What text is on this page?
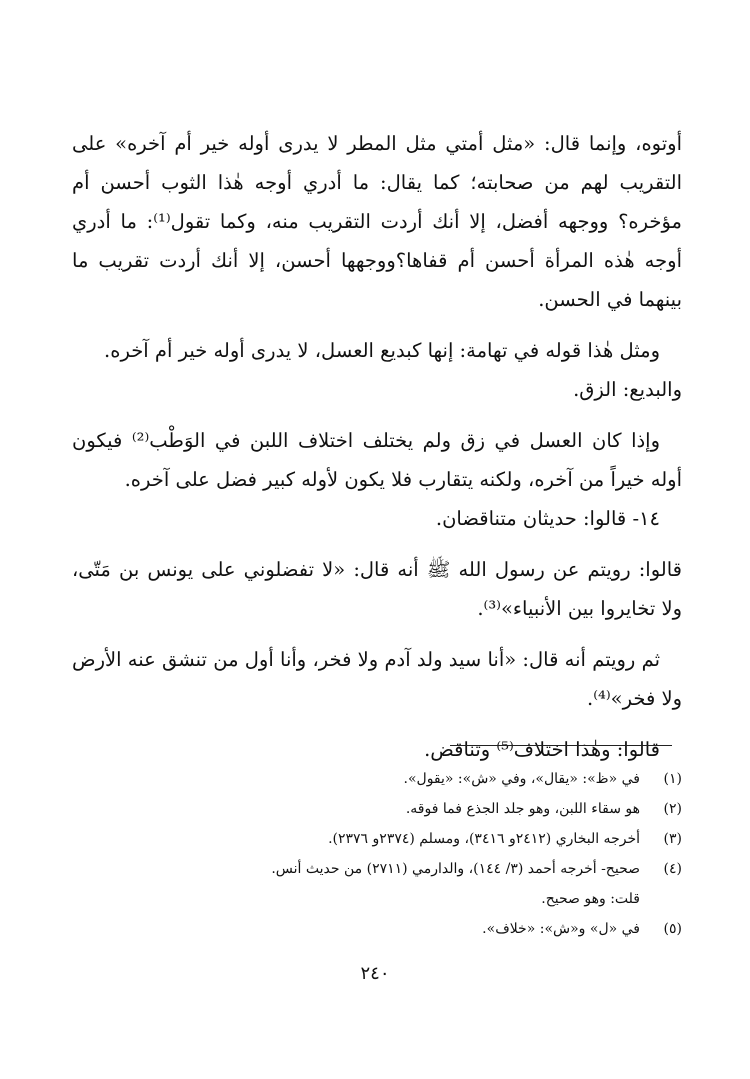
أوتوه، وإنما قال: «مثل أمتي مثل المطر لا يدرى أوله خير أم آخره» على التقريب لهم من صحابته؛ كما يقال: ما أدري أوجه هٰذا الثوب أحسن أم مؤخره؟ ووجهه أفضل، إلا أنك أردت التقريب منه، وكما تقول⁽¹⁾: ما أدري أوجه هٰذه المرأة أحسن أم قفاها؟ووجهها أحسن، إلا أنك أردت تقريب ما بينهما في الحسن.

ومثل هٰذا قوله في تهامة: إنها كبديع العسل، لا يدرى أوله خير أم آخره.

والبديع: الزق.

وإذا كان العسل في زق ولم يختلف اختلاف اللبن في الوَطْب⁽²⁾ فيكون أوله خيراً من آخره، ولكنه يتقارب فلا يكون لأوله كبير فضل على آخره.

١٤- قالوا: حديثان متناقضان.

قالوا: رويتم عن رسول الله ﷺ أنه قال: «لا تفضلوني على يونس بن مَتّى، ولا تخايروا بين الأنبياء»⁽³⁾.

ثم رويتم أنه قال: «أنا سيد ولد آدم ولا فخر، وأنا أول من تنشق عنه الأرض ولا فخر»⁽⁴⁾.

قالوا: وهٰذا اختلاف⁽⁵⁾ وتناقض.

(١)
في «ظ»: «يقال»، وفي «ش»: «يقول».
(٢)
هو سقاء اللبن، وهو جلد الجذع فما فوقه.
(٣)
أخرجه البخاري (٢٤١٢و ٣٤١٦)، ومسلم (٢٣٧٤و ٢٣٧٦).
(٤)
صحيح- أخرجه أحمد (٣/ ١٤٤)، والدارمي (٢٧١١) من حديث أنس.
قلت: وهو صحيح.
(٥)
في «ل» و«ش»: «خلاف».
٢٤٠
